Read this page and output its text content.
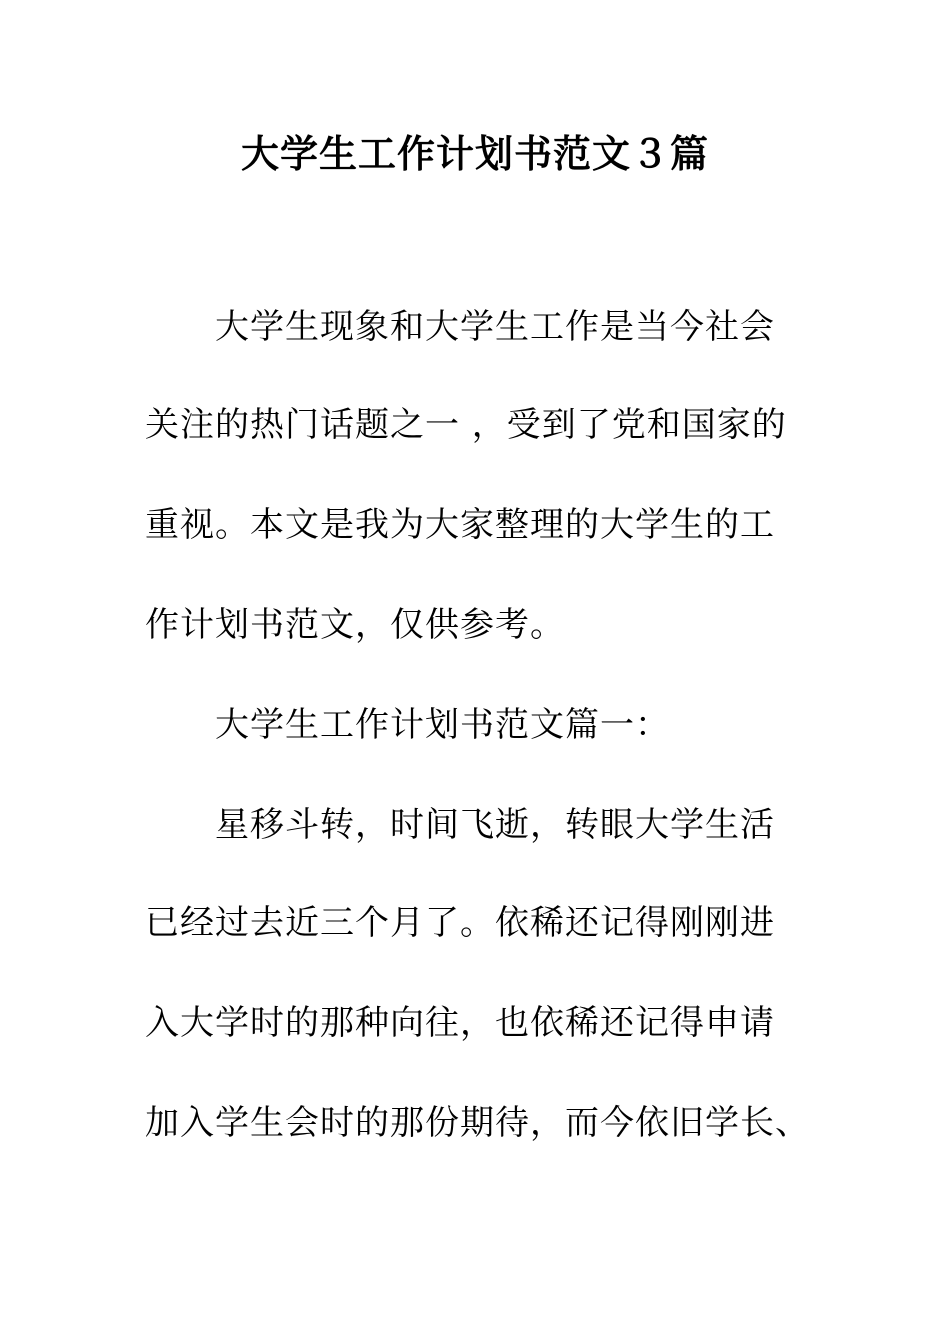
大学生工作计划书范文３篇
大学生现象和大学生工作是当今社会
关注的热门话题之一 ，受到了党和国家的
重视。本文是我为大家整理的大学生的工
作计划书范文，仅供参考。
大学生工作计划书范文篇一：
星移斗转，时间飞逝，转眼大学生活
已经过去近三个月了。依稀还记得刚刚进
入大学时的那种向往，也依稀还记得申请
加入学生会时的那份期待，而今依旧学长、
